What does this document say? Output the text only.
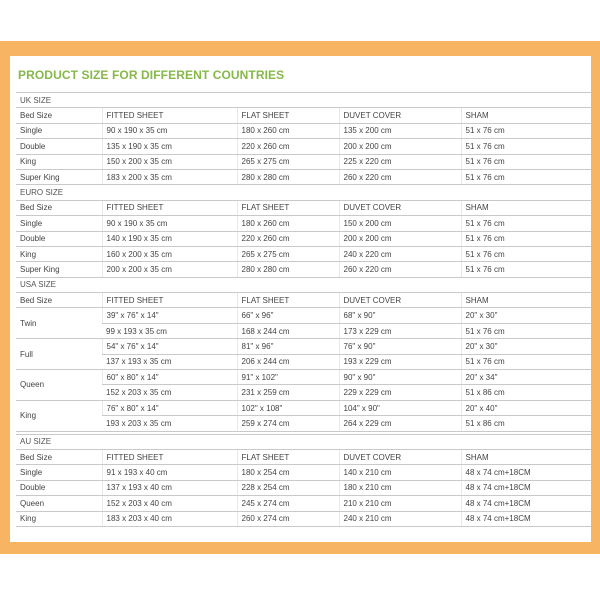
PRODUCT SIZE FOR DIFFERENT COUNTRIES
UK SIZE				
Bed Size	FITTED SHEET	FLAT SHEET	DUVET COVER	SHAM
Single	90 x 190 x 35 cm	180 x 260 cm	135 x 200 cm	51 x 76 cm
Double	135 x 190 x 35 cm	220 x 260 cm	200 x 200 cm	51 x 76 cm
King	150 x 200 x 35 cm	265 x 275 cm	225 x 220 cm	51 x 76 cm
Super King	183 x 200 x 35 cm	280 x 280 cm	260 x 220 cm	51 x 76 cm
EURO SIZE				
Bed Size	FITTED SHEET	FLAT SHEET	DUVET COVER	SHAM
Single	90 x 190 x 35 cm	180 x 260 cm	150 x 200 cm	51 x 76 cm
Double	140 x 190 x 35 cm	220 x 260 cm	200 x 200 cm	51 x 76 cm
King	160 x 200 x 35 cm	265 x 275 cm	240 x 220 cm	51 x 76 cm
Super King	200 x 200 x 35 cm	280 x 280 cm	260 x 220 cm	51 x 76 cm
USA SIZE				
Bed Size	FITTED SHEET	FLAT SHEET	DUVET COVER	SHAM
Twin	39" x 76" x 14"	66" x 96"	68" x 90"	20" x 30"
	99 x 193 x 35 cm	168 x 244 cm	173 x 229 cm	51 x 76 cm
Full	54" x 76" x 14"	81" x 96"	76" x 90"	20" x 30"
	137 x 193 x 35 cm	206 x 244 cm	193 x 229 cm	51 x 76 cm
Queen	60" x 80" x 14"	91" x 102"	90" x 90"	20" x 34"
	152 x 203 x 35 cm	231 x 259 cm	229 x 229 cm	51 x 86 cm
King	76" x 80" x 14"	102" x 108"	104" x 90"	20" x 40"
	193 x 203 x 35 cm	259 x 274 cm	264 x 229 cm	51 x 86 cm

AU SIZE				
Bed Size	FITTED SHEET	FLAT SHEET	DUVET COVER	SHAM
Single	91 x 193 x 40 cm	180 x 254 cm	140 x 210 cm	48 x 74 cm+18CM
Double	137 x 193 x 40 cm	228 x 254 cm	180 x 210 cm	48 x 74 cm+18CM
Queen	152 x 203 x 40 cm	245 x 274 cm	210 x 210 cm	48 x 74 cm+18CM
King	183 x 203 x 40 cm	260 x 274 cm	240 x 210 cm	48 x 74 cm+18CM
